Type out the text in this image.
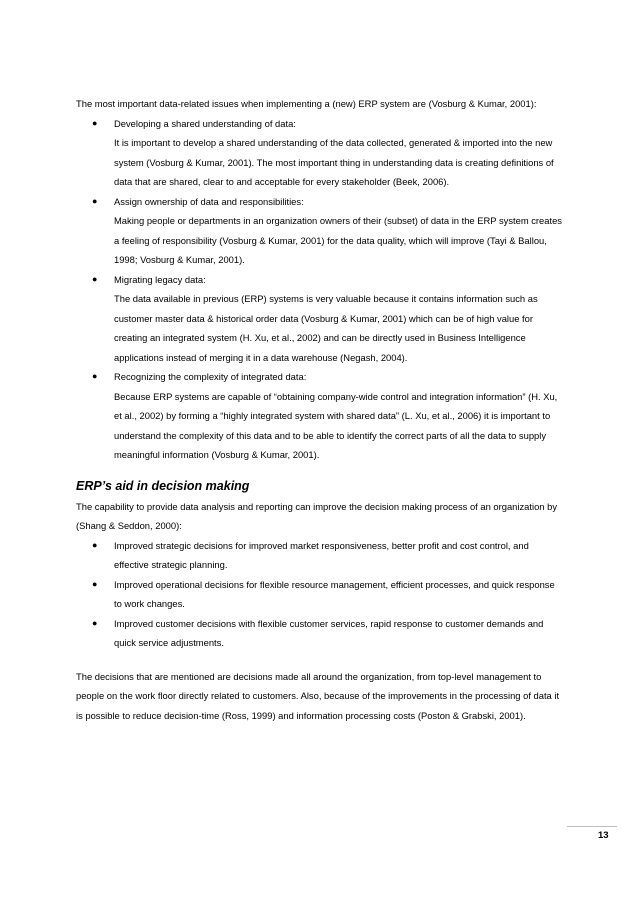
The most important data-related issues when implementing a (new) ERP system are (Vosburg & Kumar, 2001):

● Developing a shared understanding of data:
It is important to develop a shared understanding of the data collected, generated & imported into the new system (Vosburg & Kumar, 2001). The most important thing in understanding data is creating definitions of data that are shared, clear to and acceptable for every stakeholder (Beek, 2006).
● Assign ownership of data and responsibilities:
Making people or departments in an organization owners of their (subset) of data in the ERP system creates a feeling of responsibility (Vosburg & Kumar, 2001) for the data quality, which will improve (Tayi & Ballou, 1998; Vosburg & Kumar, 2001).
● Migrating legacy data:
The data available in previous (ERP) systems is very valuable because it contains information such as customer master data & historical order data (Vosburg & Kumar, 2001) which can be of high value for creating an integrated system (H. Xu, et al., 2002) and can be directly used in Business Intelligence applications instead of merging it in a data warehouse (Negash, 2004).
● Recognizing the complexity of integrated data:
Because ERP systems are capable of “obtaining company-wide control and integration information” (H. Xu, et al., 2002) by forming a “highly integrated system with shared data” (L. Xu, et al., 2006) it is important to understand the complexity of this data and to be able to identify the correct parts of all the data to supply meaningful information (Vosburg & Kumar, 2001).
ERP’s aid in decision making

The capability to provide data analysis and reporting can improve the decision making process of an organization by (Shang & Seddon, 2000):

● Improved strategic decisions for improved market responsiveness, better profit and cost control, and effective strategic planning.
● Improved operational decisions for flexible resource management, efficient processes, and quick response to work changes.
● Improved customer decisions with flexible customer services, rapid response to customer demands and quick service adjustments.

The decisions that are mentioned are decisions made all around the organization, from top-level management to people on the work floor directly related to customers. Also, because of the improvements in the processing of data it is possible to reduce decision-time (Ross, 1999) and information processing costs (Poston & Grabski, 2001).

13
